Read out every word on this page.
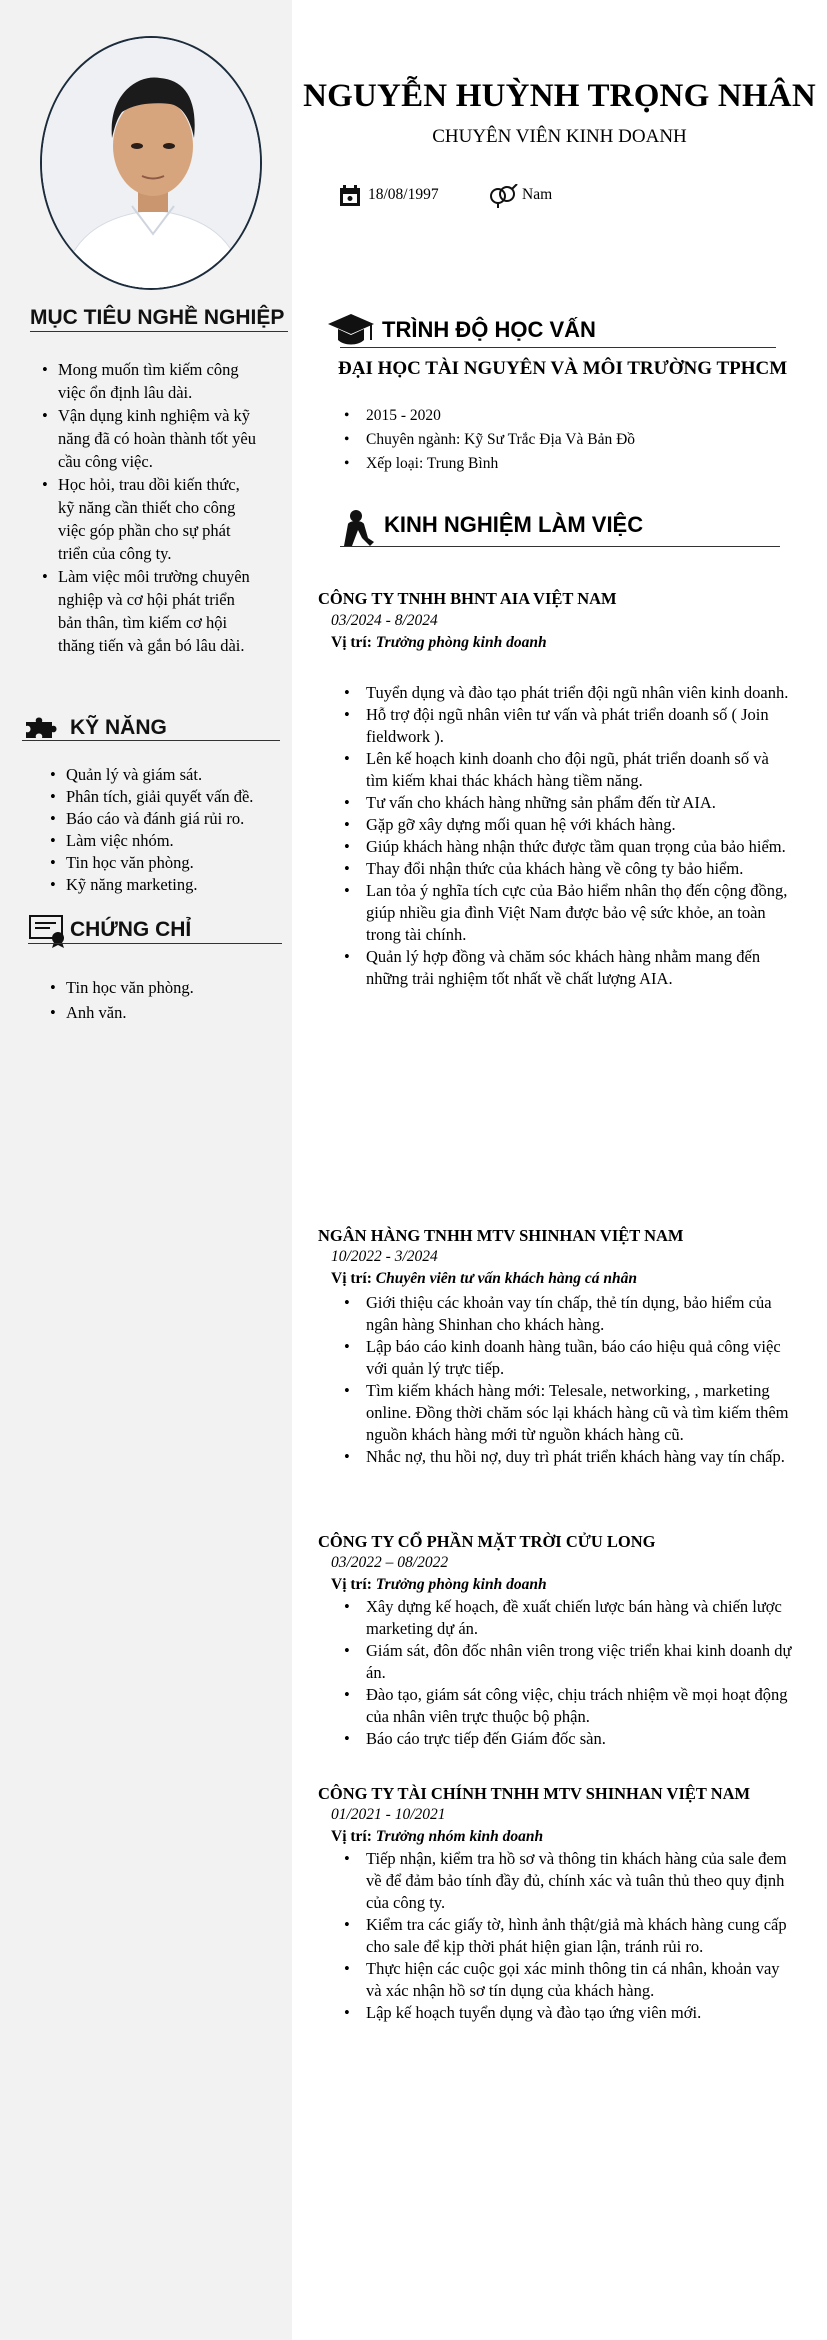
MỤC TIÊU NGHỀ NGHIỆP
• Mong muốn tìm kiếm công việc ổn định lâu dài.
• Vận dụng kinh nghiệm và kỹ năng đã có hoàn thành tốt yêu cầu công việc.
• Học hỏi, trau dồi kiến thức, kỹ năng cần thiết cho công việc góp phần cho sự phát triển của công ty.
• Làm việc môi trường chuyên nghiệp và cơ hội phát triển bản thân, tìm kiếm cơ hội thăng tiến và gắn bó lâu dài.
KỸ NĂNG
• Quản lý và giám sát.
• Phân tích, giải quyết vấn đề.
• Báo cáo và đánh giá rủi ro.
• Làm việc nhóm.
• Tin học văn phòng.
• Kỹ năng marketing.
CHỨNG CHỈ
• Tin học văn phòng.
• Anh văn.
NGUYỄN HUỲNH TRỌNG NHÂN
CHUYÊN VIÊN KINH DOANH
18/08/1997	Nam
TRÌNH ĐỘ HỌC VẤN
ĐẠI HỌC TÀI NGUYÊN VÀ MÔI TRƯỜNG TPHCM
• 2015 - 2020
• Chuyên ngành: Kỹ Sư Trắc Địa Và Bản Đồ
• Xếp loại: Trung Bình
KINH NGHIỆM LÀM VIỆC
CÔNG TY TNHH BHNT AIA VIỆT NAM
03/2024 - 8/2024
Vị trí: Trưởng phòng kinh doanh
• Tuyển dụng và đào tạo phát triển đội ngũ nhân viên kinh doanh.
• Hỗ trợ đội ngũ nhân viên tư vấn và phát triển doanh số ( Join fieldwork ).
• Lên kế hoạch kinh doanh cho đội ngũ, phát triển doanh số và tìm kiếm khai thác khách hàng tiềm năng.
• Tư vấn cho khách hàng những sản phẩm đến từ AIA.
• Gặp gỡ xây dựng mối quan hệ với khách hàng.
• Giúp khách hàng nhận thức được tầm quan trọng của bảo hiểm.
• Thay đổi nhận thức của khách hàng về công ty bảo hiểm.
• Lan tỏa ý nghĩa tích cực của Bảo hiểm nhân thọ đến cộng đồng, giúp nhiều gia đình Việt Nam được bảo vệ sức khỏe, an toàn trong tài chính.
• Quản lý hợp đồng và chăm sóc khách hàng nhằm mang đến những trải nghiệm tốt nhất về chất lượng AIA.
NGÂN HÀNG TNHH MTV SHINHAN VIỆT NAM
10/2022 - 3/2024
Vị trí: Chuyên viên tư vấn khách hàng cá nhân
• Giới thiệu các khoản vay tín chấp, thẻ tín dụng, bảo hiểm của ngân hàng Shinhan cho khách hàng.
• Lập báo cáo kinh doanh hàng tuần, báo cáo hiệu quả công việc với quản lý trực tiếp.
• Tìm kiếm khách hàng mới: Telesale, networking, , marketing online. Đồng thời chăm sóc lại khách hàng cũ và tìm kiếm thêm nguồn khách hàng mới từ nguồn khách hàng cũ.
• Nhắc nợ, thu hồi nợ, duy trì phát triển khách hàng vay tín chấp.
CÔNG TY CỔ PHẦN MẶT TRỜI CỬU LONG
03/2022 – 08/2022
Vị trí: Trưởng phòng kinh doanh
• Xây dựng kế hoạch, đề xuất chiến lược bán hàng và chiến lược marketing dự án.
• Giám sát, đôn đốc nhân viên trong việc triển khai kinh doanh dự án.
• Đào tạo, giám sát công việc, chịu trách nhiệm về mọi hoạt động của nhân viên trực thuộc bộ phận.
• Báo cáo trực tiếp đến Giám đốc sàn.
CÔNG TY TÀI CHÍNH TNHH MTV SHINHAN VIỆT NAM
01/2021 - 10/2021
Vị trí: Trưởng nhóm kinh doanh
• Tiếp nhận, kiểm tra hồ sơ và thông tin khách hàng của sale đem về để đảm bảo tính đầy đủ, chính xác và tuân thủ theo quy định của công ty.
• Kiểm tra các giấy tờ, hình ảnh thật/giả mà khách hàng cung cấp cho sale để kịp thời phát hiện gian lận, tránh rủi ro.
• Thực hiện các cuộc gọi xác minh thông tin cá nhân, khoản vay và xác nhận hồ sơ tín dụng của khách hàng.
• Lập kế hoạch tuyển dụng và đào tạo ứng viên mới.
